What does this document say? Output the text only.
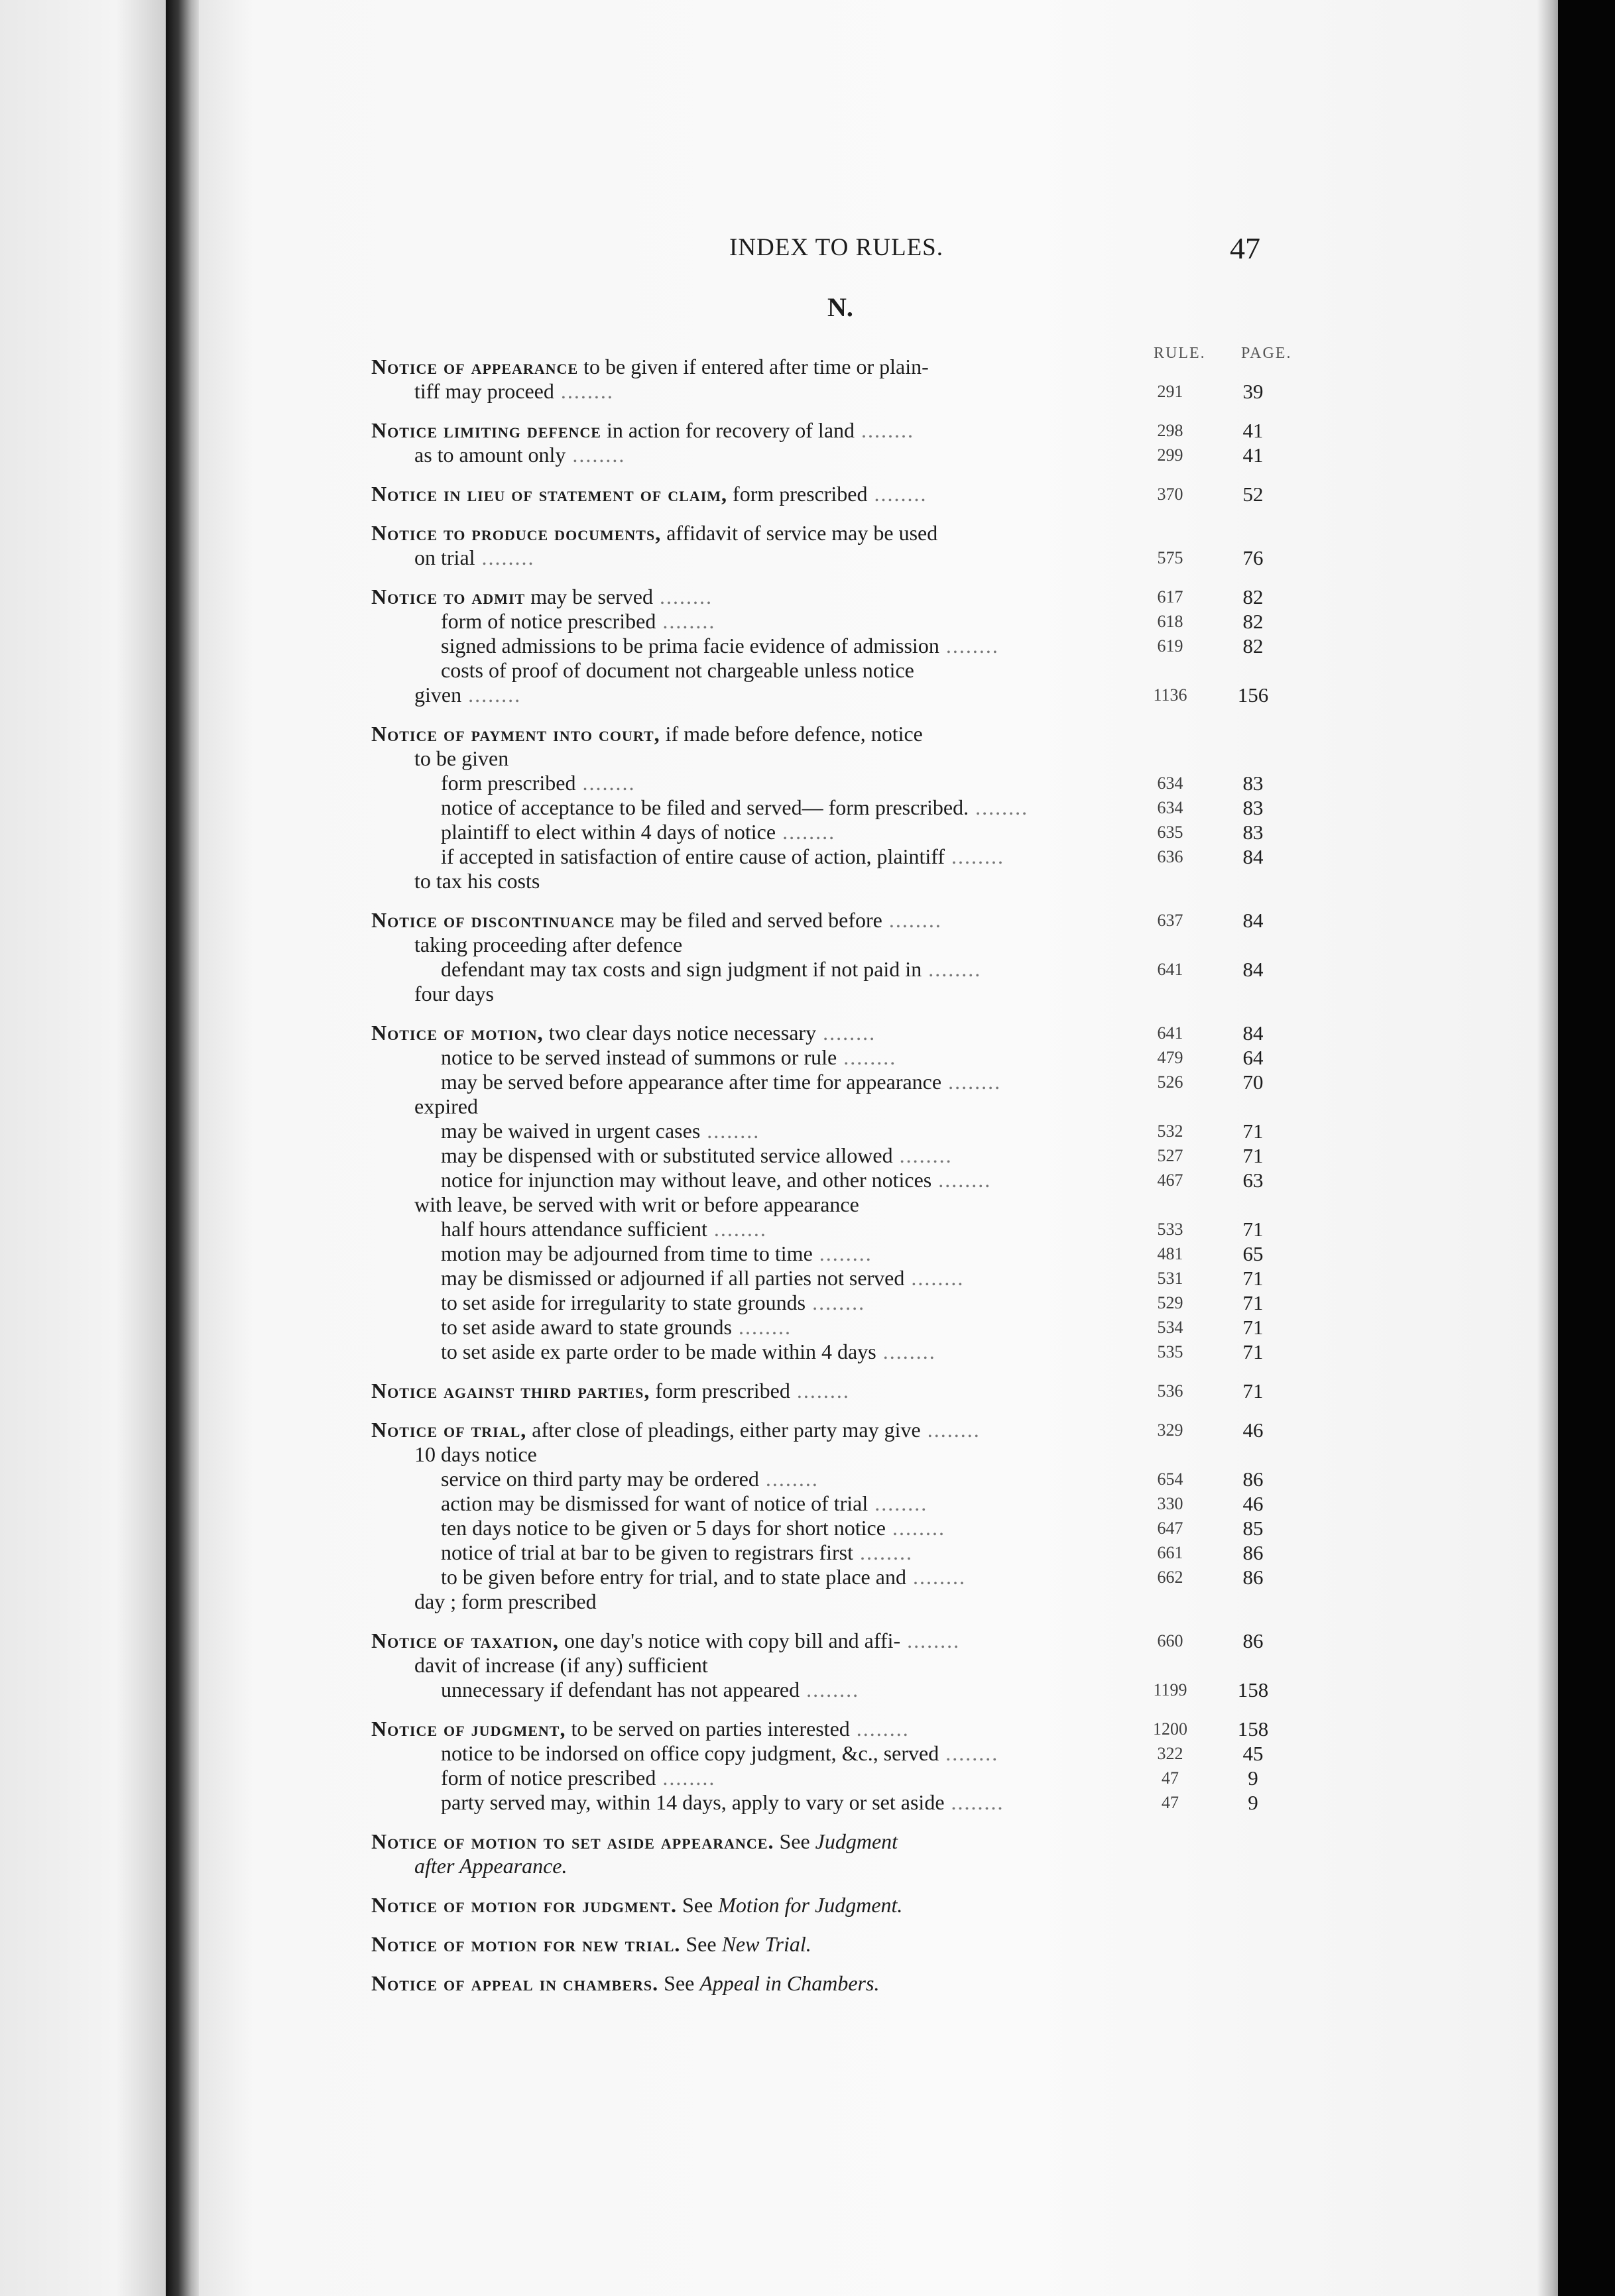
INDEX TO RULES.	47
N.
RULE. PAGE.
Notice of appearance to be given if entered after time or plain-
tiff may proceed ........	291	39
Notice limiting defence in action for recovery of land ........	298	41
as to amount only ........	299	41
Notice in lieu of statement of claim, form prescribed ........	370	52
Notice to produce documents, affidavit of service may be used
on trial ........	575	76
Notice to admit may be served ........	617	82
form of notice prescribed ........	618	82
signed admissions to be prima facie evidence of admission ........	619	82
costs of proof of document not chargeable unless notice
given ........	1136	156
Notice of payment into court, if made before defence, notice
to be given
form prescribed ........	634	83
notice of acceptance to be filed and served— form prescribed. ........	634	83
plaintiff to elect within 4 days of notice ........	635	83
if accepted in satisfaction of entire cause of action, plaintiff ........	636	84
to tax his costs
Notice of discontinuance may be filed and served before ........	637	84
taking proceeding after defence
defendant may tax costs and sign judgment if not paid in ........	641	84
four days
Notice of motion, two clear days notice necessary ........	641	84
notice to be served instead of summons or rule ........	479	64
may be served before appearance after time for appearance ........	526	70
expired
may be waived in urgent cases ........	532	71
may be dispensed with or substituted service allowed ........	527	71
notice for injunction may without leave, and other notices ........	467	63
with leave, be served with writ or before appearance
half hours attendance sufficient ........	533	71
motion may be adjourned from time to time ........	481	65
may be dismissed or adjourned if all parties not served ........	531	71
to set aside for irregularity to state grounds ........	529	71
to set aside award to state grounds ........	534	71
to set aside ex parte order to be made within 4 days ........	535	71
Notice against third parties, form prescribed ........	536	71
Notice of trial, after close of pleadings, either party may give ........	329	46
10 days notice
service on third party may be ordered ........	654	86
action may be dismissed for want of notice of trial ........	330	46
ten days notice to be given or 5 days for short notice ........	647	85
notice of trial at bar to be given to registrars first ........	661	86
to be given before entry for trial, and to state place and ........	662	86
day ; form prescribed
Notice of taxation, one day's notice with copy bill and affi- ........	660	86
davit of increase (if any) sufficient
unnecessary if defendant has not appeared ........	1199	158
Notice of judgment, to be served on parties interested ........	1200	158
notice to be indorsed on office copy judgment, &c., served ........	322	45
form of notice prescribed ........	47	9
party served may, within 14 days, apply to vary or set aside ........	47	9
Notice of motion to set aside appearance. See Judgment
after Appearance.
Notice of motion for judgment. See Motion for Judgment.
Notice of motion for new trial. See New Trial.
Notice of appeal in chambers. See Appeal in Chambers.
